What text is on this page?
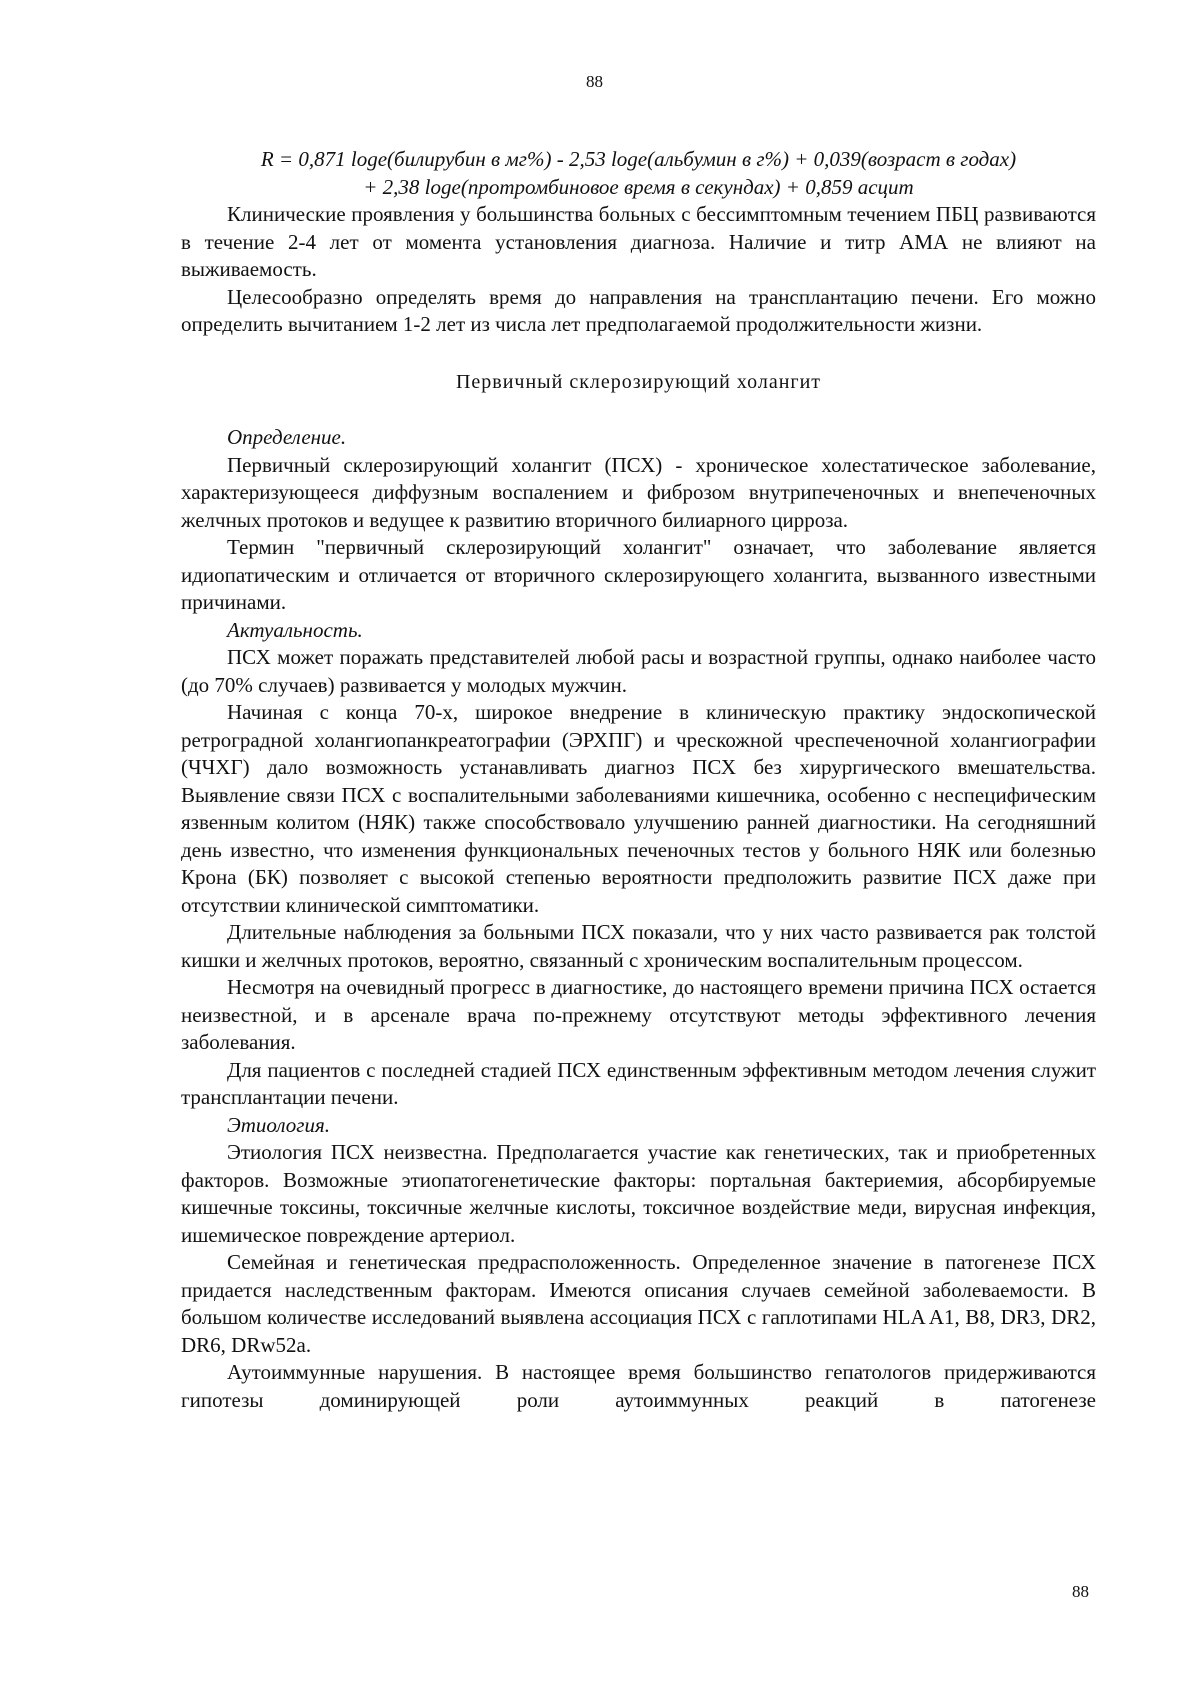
88
R = 0,871 loge(билирубин в мг%) - 2,53 loge(альбумин в г%) + 0,039(возраст в годах)
+ 2,38 loge(протромбиновое время в секундах) + 0,859 асцит

Клинические проявления у большинства больных с бессимптомным течением ПБЦ развиваются в течение 2-4 лет от момента установления диагноза. Наличие и титр АМА не влияют на выживаемость.

Целесообразно определять время до направления на трансплантацию печени. Его можно определить вычитанием 1-2 лет из числа лет предполагаемой продолжительности жизни.

Первичный склерозирующий холангит

Определение.

Первичный склерозирующий холангит (ПСХ) - хроническое холестатическое заболевание, характеризующееся диффузным воспалением и фиброзом внутрипеченочных и внепеченочных желчных протоков и ведущее к развитию вторичного билиарного цирроза.

Термин "первичный склерозирующий холангит" означает, что заболевание является идиопатическим и отличается от вторичного склерозирующего холангита, вызванного известными причинами.

Актуальность.

ПСХ может поражать представителей любой расы и возрастной группы, однако наиболее часто (до 70% случаев) развивается у молодых мужчин.

Начиная с конца 70-х, широкое внедрение в клиническую практику эндоскопической ретроградной холангиопанкреатографии (ЭРХПГ) и чрескожной чреспеченочной холангиографии (ЧЧХГ) дало возможность устанавливать диагноз ПСХ без хирургического вмешательства. Выявление связи ПСХ с воспалительными заболеваниями кишечника, особенно с неспецифическим язвенным колитом (НЯК) также способствовало улучшению ранней диагностики. На сегодняшний день известно, что изменения функциональных печеночных тестов у больного НЯК или болезнью Крона (БК) позволяет с высокой степенью вероятности предположить развитие ПСХ даже при отсутствии клинической симптоматики.

Длительные наблюдения за больными ПСХ показали, что у них часто развивается рак толстой кишки и желчных протоков, вероятно, связанный с хроническим воспалительным процессом.

Несмотря на очевидный прогресс в диагностике, до настоящего времени причина ПСХ остается неизвестной, и в арсенале врача по-прежнему отсутствуют методы эффективного лечения заболевания.

Для пациентов с последней стадией ПСХ единственным эффективным методом лечения служит трансплантации печени.

Этиология.

Этиология ПСХ неизвестна. Предполагается участие как генетических, так и приобретенных факторов. Возможные этиопатогенетические факторы: портальная бактериемия, абсорбируемые кишечные токсины, токсичные желчные кислоты, токсичное воздействие меди, вирусная инфекция, ишемическое повреждение артериол.

Семейная и генетическая предрасположенность. Определенное значение в патогенезе ПСХ придается наследственным факторам. Имеются описания случаев семейной заболеваемости. В большом количестве исследований выявлена ассоциация ПСХ с гаплотипами HLA A1, B8, DR3, DR2, DR6, DRw52a.

Аутоиммунные нарушения. В настоящее время большинство гепатологов придерживаются гипотезы доминирующей роли аутоиммунных реакций в патогенезе

88
